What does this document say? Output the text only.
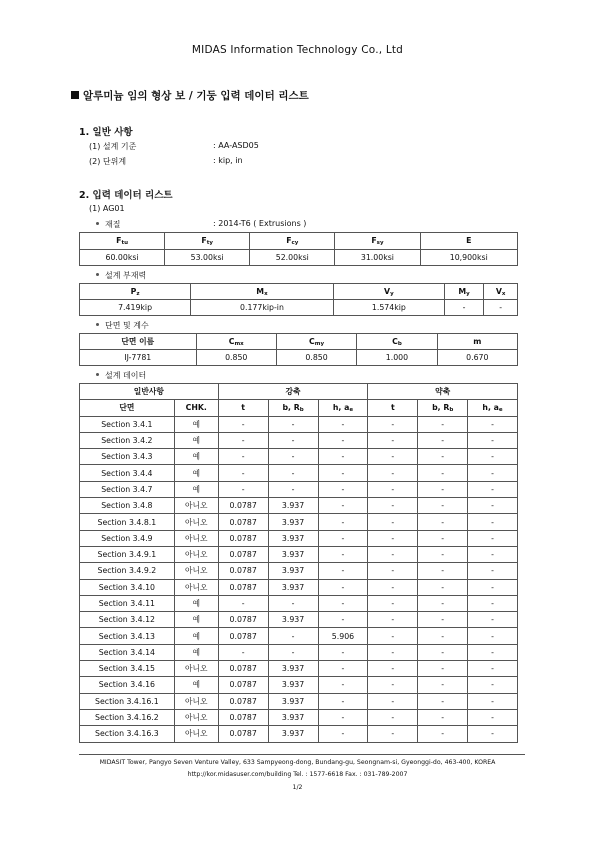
MIDAS Information Technology Co., Ltd
알루미늄 임의 형상 보 / 기둥 입력 데이터 리스트
1. 일반 사항
(1) 설계 기준	: AA-ASD05
(2) 단위계	: kip, in
2. 입력 데이터 리스트
(1) AG01
재질	: 2014-T6 ( Extrusions )
$F_{tu}$	$F_{ty}$	$F_{cy}$	$F_{sy}$	E
60.00ksi	53.00ksi	52.00ksi	31.00ksi	10,900ksi
설계 부재력
$P_z$	$M_x$	$V_y$	$M_y$	$V_x$
7.419kip	0.177kip-in	1.574kip	-	-
단면 및 계수
단면 이름	$C_{mx}$	$C_{my}$	$C_b$	m
IJ-7781	0.850	0.850	1.000	0.670
설계 데이터
일반사항		강축			약축		
단면	CHK.	t	b, $R_b$	h, $a_e$	t	b, $R_b$	h, $a_e$
Section 3.4.1	예	-	-	-	-	-	-
Section 3.4.2	예	-	-	-	-	-	-
Section 3.4.3	예	-	-	-	-	-	-
Section 3.4.4	예	-	-	-	-	-	-
Section 3.4.7	예	-	-	-	-	-	-
Section 3.4.8	아니오	0.0787	3.937	-	-	-	-
Section 3.4.8.1	아니오	0.0787	3.937	-	-	-	-
Section 3.4.9	아니오	0.0787	3.937	-	-	-	-
Section 3.4.9.1	아니오	0.0787	3.937	-	-	-	-
Section 3.4.9.2	아니오	0.0787	3.937	-	-	-	-
Section 3.4.10	아니오	0.0787	3.937	-	-	-	-
Section 3.4.11	예	-	-	-	-	-	-
Section 3.4.12	예	0.0787	3.937	-	-	-	-
Section 3.4.13	예	0.0787	-	5.906	-	-	-
Section 3.4.14	예	-	-	-	-	-	-
Section 3.4.15	아니오	0.0787	3.937	-	-	-	-
Section 3.4.16	예	0.0787	3.937	-	-	-	-
Section 3.4.16.1	아니오	0.0787	3.937	-	-	-	-
Section 3.4.16.2	아니오	0.0787	3.937	-	-	-	-
Section 3.4.16.3	아니오	0.0787	3.937	-	-	-	-
MIDASIT Tower, Pangyo Seven Venture Valley, 633 Sampyeong-dong, Bundang-gu, Seongnam-si, Gyeonggi-do, 463-400, KOREA
http://kor.midasuser.com/building Tel. : 1577-6618 Fax. : 031-789-2007
1/2
